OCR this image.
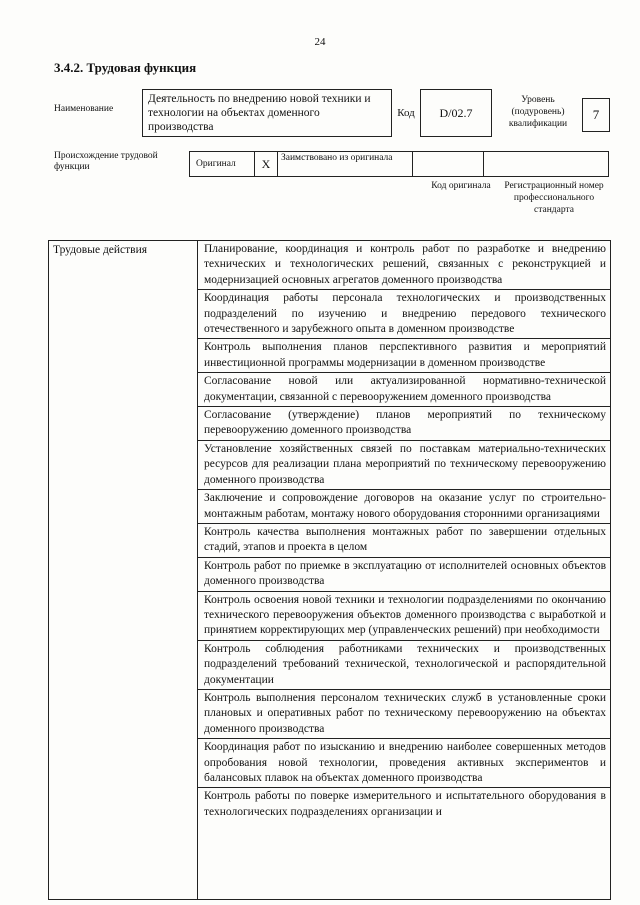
24
3.4.2. Трудовая функция
Наименование
Деятельность по внедрению новой техники и технологии на объектах доменного производства
Код	D/02.7
Уровень (подуровень) квалификации
7
Происхождение трудовой функции	Оригинал	X	Заимствовано из оригинала
Код оригинала	Регистрационный номер профессионального стандарта
Трудовые действия	Планирование, координация и контроль работ по разработке и внедрению технических и технологических решений, связанных с реконструкцией и модернизацией основных агрегатов доменного производства
Координация работы персонала технологических и производственных подразделений по изучению и внедрению передового технического отечественного и зарубежного опыта в доменном производстве
Контроль выполнения планов перспективного развития и мероприятий инвестиционной программы модернизации в доменном производстве
Согласование новой или актуализированной нормативно-технической документации, связанной с перевооружением доменного производства
Согласование (утверждение) планов мероприятий по техническому перевооружению доменного производства
Установление хозяйственных связей по поставкам материально-технических ресурсов для реализации плана мероприятий по техническому перевооружению доменного производства
Заключение и сопровождение договоров на оказание услуг по строительно-монтажным работам, монтажу нового оборудования сторонними организациями
Контроль качества выполнения монтажных работ по завершении отдельных стадий, этапов и проекта в целом
Контроль работ по приемке в эксплуатацию от исполнителей основных объектов доменного производства
Контроль освоения новой техники и технологии подразделениями по окончанию технического перевооружения объектов доменного производства с выработкой и принятием корректирующих мер (управленческих решений) при необходимости
Контроль соблюдения работниками технических и производственных подразделений требований технической, технологической и распорядительной документации
Контроль выполнения персоналом технических служб в установленные сроки плановых и оперативных работ по техническому перевооружению на объектах доменного производства
Координация работ по изысканию и внедрению наиболее совершенных методов опробования новой технологии, проведения активных экспериментов и балансовых плавок на объектах доменного производства
Контроль работы по поверке измерительного и испытательного оборудования в технологических подразделениях организации и
